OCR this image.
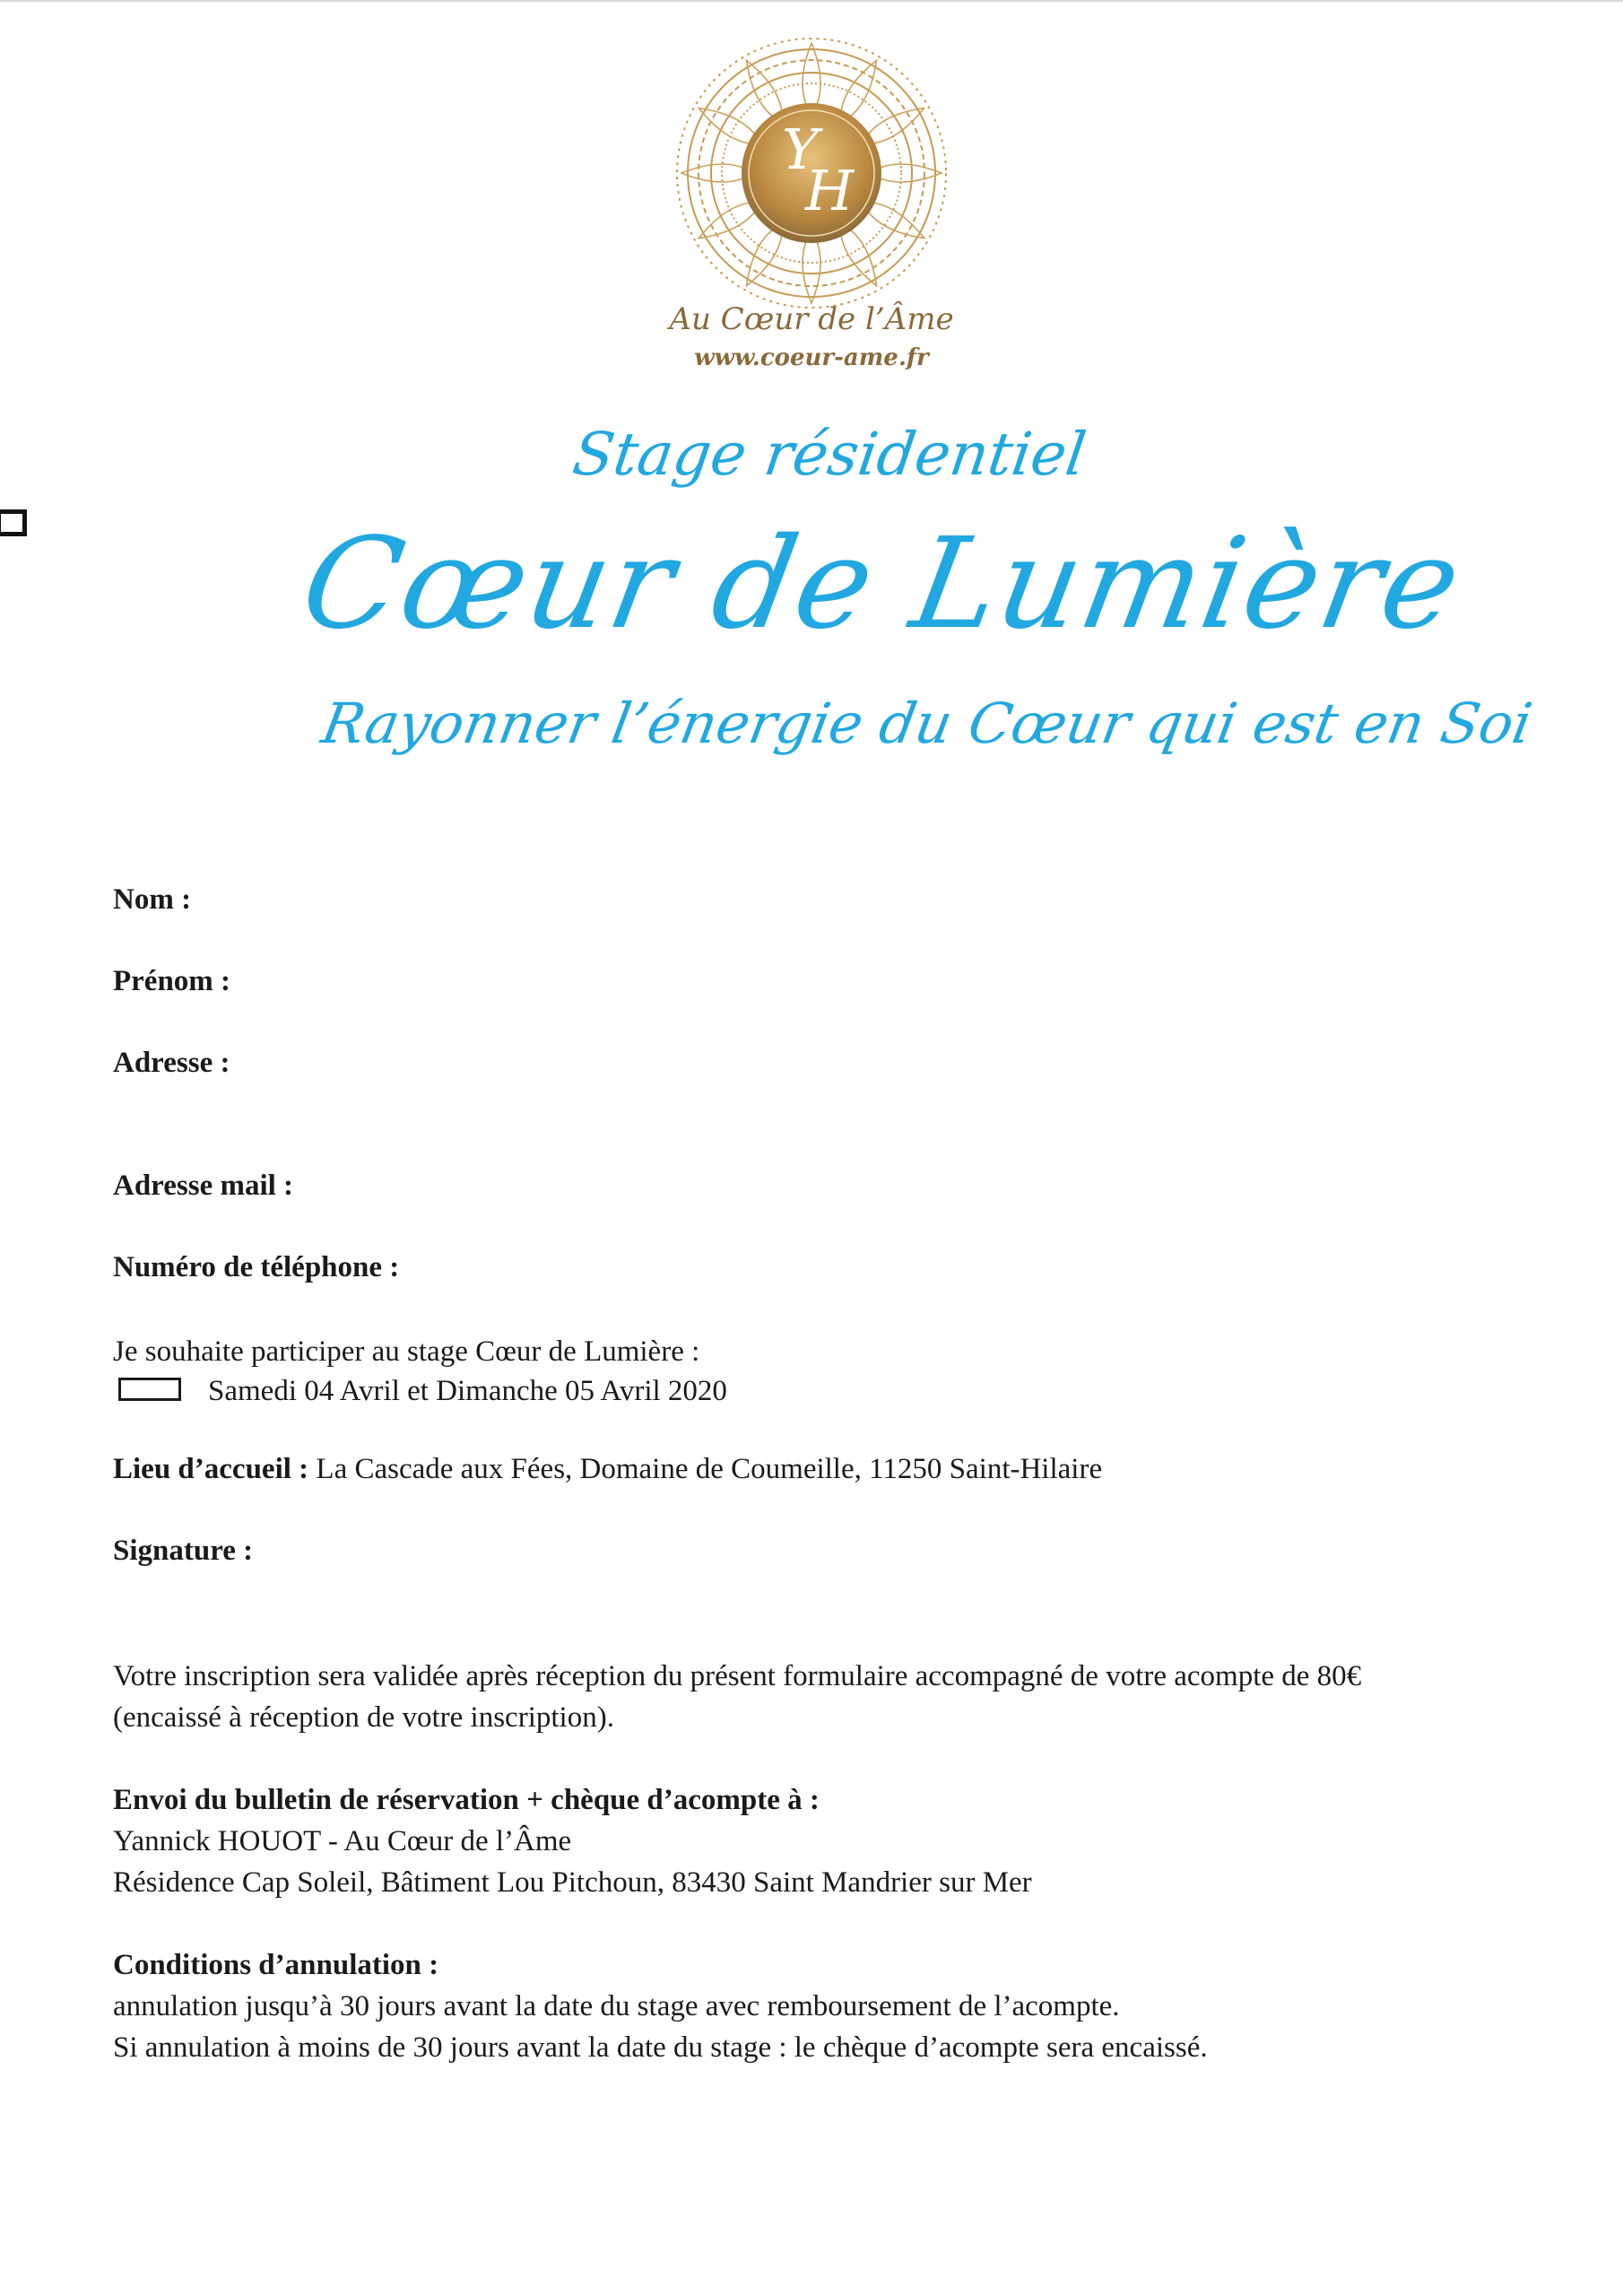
Y
H
Au Cœur de l’Âme
www.coeur-ame.fr
Stage résidentiel
Cœur de Lumière
Rayonner l’énergie du Cœur qui est en Soi
Nom :
Prénom :
Adresse :
Adresse mail :
Numéro de téléphone :
Je souhaite participer au stage Cœur de Lumière :
Samedi 04 Avril et Dimanche 05 Avril 2020
Lieu d’accueil : La Cascade aux Fées, Domaine de Coumeille, 11250 Saint-Hilaire
Signature :
Votre inscription sera validée après réception du présent formulaire accompagné de votre acompte de 80€
(encaissé à réception de votre inscription).
Envoi du bulletin de réservation + chèque d’acompte à :
Yannick HOUOT - Au Cœur de l’Âme
Résidence Cap Soleil, Bâtiment Lou Pitchoun, 83430 Saint Mandrier sur Mer
Conditions d’annulation :
annulation jusqu’à 30 jours avant la date du stage avec remboursement de l’acompte.
Si annulation à moins de 30 jours avant la date du stage : le chèque d’acompte sera encaissé.
